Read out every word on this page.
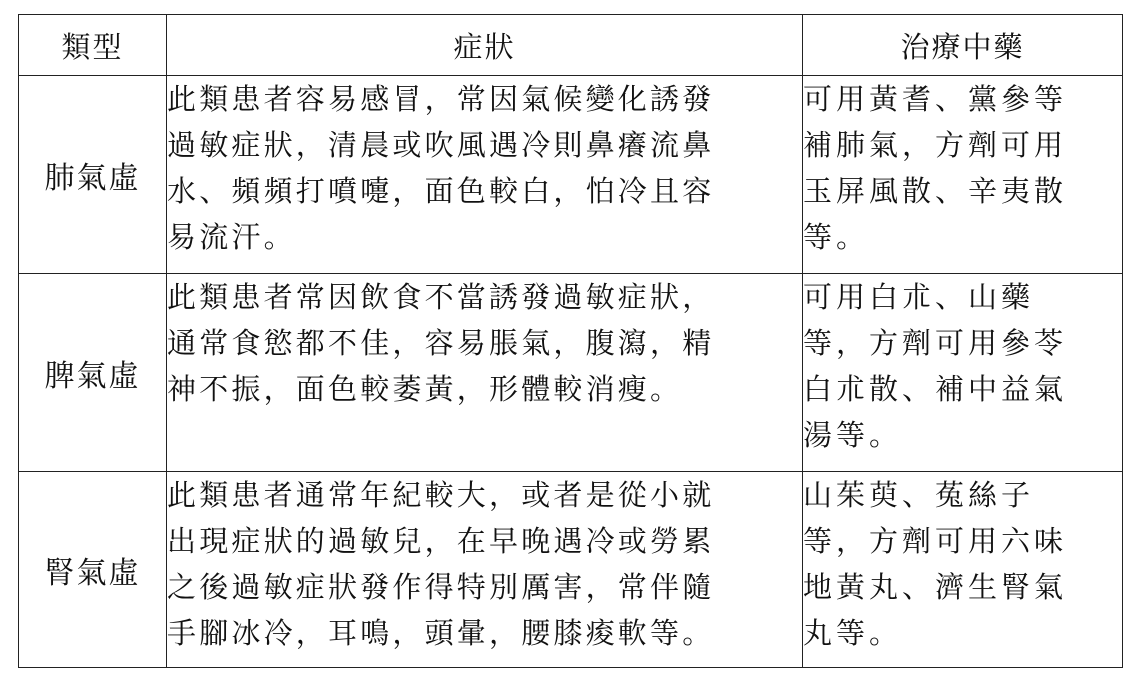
類型	症狀	治療中藥
肺氣虛	此類患者容易感冒，常因氣候變化誘發
過敏症狀，清晨或吹風遇冷則鼻癢流鼻
水、頻頻打噴嚏，面色較白，怕冷且容
易流汗。	可用黃耆、黨參等
補肺氣，方劑可用
玉屏風散、辛夷散
等。

脾氣虛	此類患者常因飲食不當誘發過敏症狀，
通常食慾都不佳，容易脹氣，腹瀉，精
神不振，面色較萎黃，形體較消瘦。	可用白朮、山藥
等，方劑可用參苓
白朮散、補中益氣
湯等。

腎氣虛	此類患者通常年紀較大，或者是從小就
出現症狀的過敏兒，在早晚遇冷或勞累
之後過敏症狀發作得特別厲害，常伴隨
手腳冰冷，耳鳴，頭暈，腰膝痠軟等。	山茱萸、菟絲子
等，方劑可用六味
地黃丸、濟生腎氣
丸等。
